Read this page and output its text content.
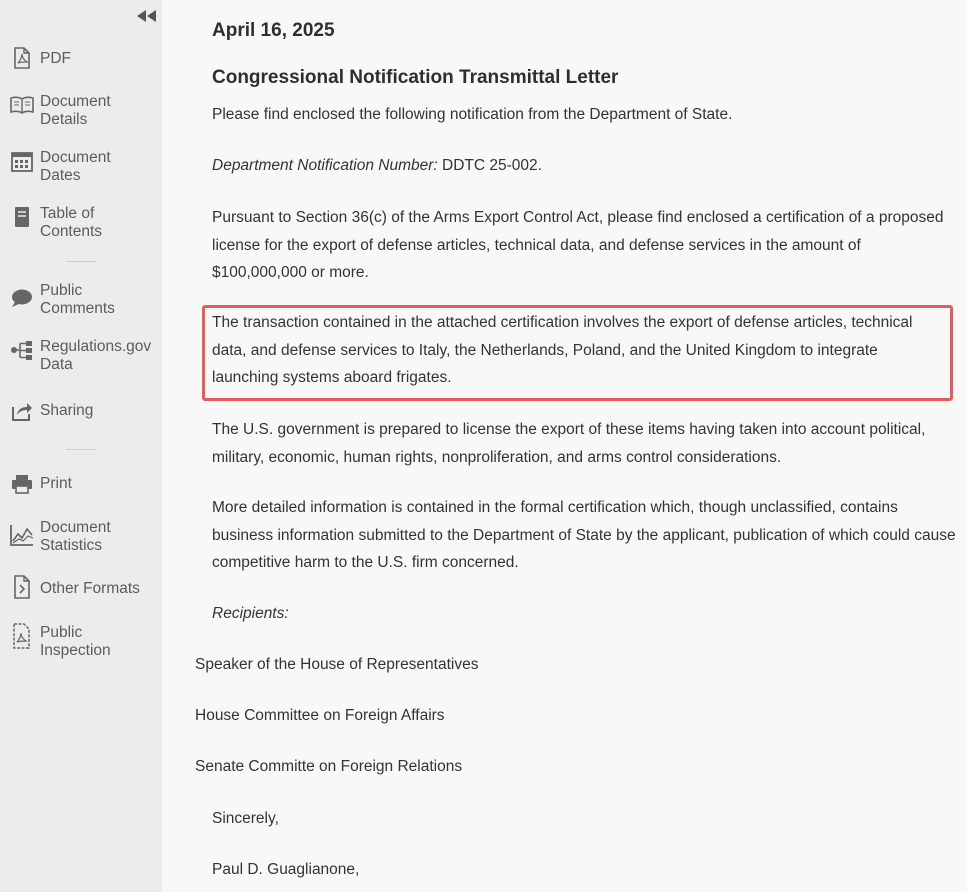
PDF
Document
Details
Document
Dates
Table of
Contents
Public
Comments
Regulations.gov
Data
Sharing
Print
Document
Statistics
Other Formats
Public
Inspection
April 16, 2025
Congressional Notification Transmittal Letter
Please find enclosed the following notification from the Department of State.
Department Notification Number: DDTC 25-002.
Pursuant to Section 36(c) of the Arms Export Control Act, please find enclosed a certification of a proposed license for the export of defense articles, technical data, and defense services in the amount of $100,000,000 or more.
The transaction contained in the attached certification involves the export of defense articles, technical data, and defense services to Italy, the Netherlands, Poland, and the United Kingdom to integrate launching systems aboard frigates.
The U.S. government is prepared to license the export of these items having taken into account political, military, economic, human rights, nonproliferation, and arms control considerations.
More detailed information is contained in the formal certification which, though unclassified, contains business information submitted to the Department of State by the applicant, publication of which could cause competitive harm to the U.S. firm concerned.
Recipients:
Speaker of the House of Representatives
House Committee on Foreign Affairs
Senate Committe on Foreign Relations
Sincerely,
Paul D. Guaglianone,
